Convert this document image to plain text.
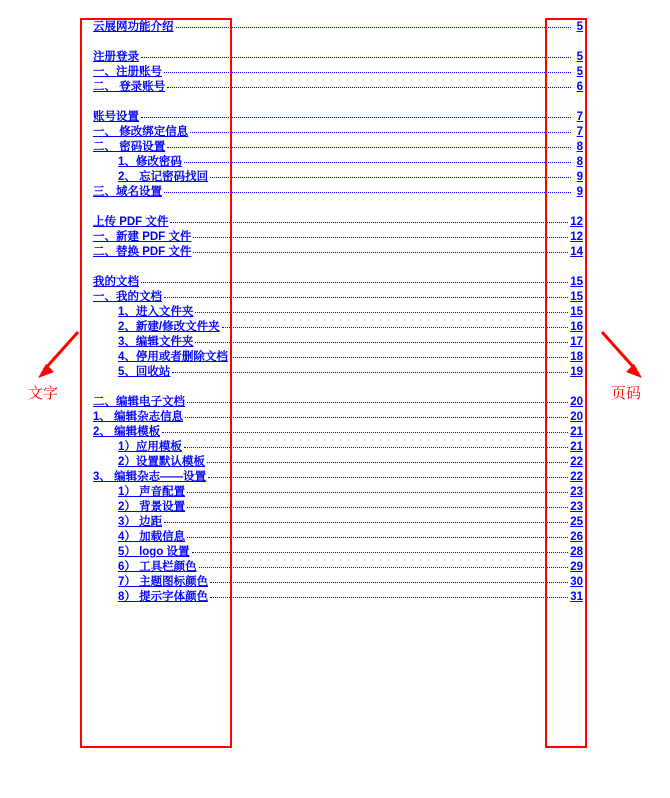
云展网功能介绍	5
注册登录	5
一、注册账号	5
二、 登录账号	6
账号设置	7
一、 修改绑定信息	7
二、 密码设置	8
1、修改密码	8
2、 忘记密码找回	9
三、域名设置	9
上传 PDF 文件	12
一、新建 PDF 文件	12
二、替换 PDF 文件	14
我的文档	15
一、我的文档	15
1、进入文件夹	15
2、新建/修改文件夹	16
3、编辑文件夹	17
4、停用或者删除文档	18
5、回收站	19
二、编辑电子文档	20
1、 编辑杂志信息	20
2、 编辑模板	21
1）应用模板	21
2）设置默认模板	22
3、 编辑杂志——设置	22
1） 声音配置	23
2） 背景设置	23
3） 边距	25
4） 加载信息	26
5） logo 设置	28
6） 工具栏颜色	29
7） 主题图标颜色	30
8） 提示字体颜色	31
文字	页码
